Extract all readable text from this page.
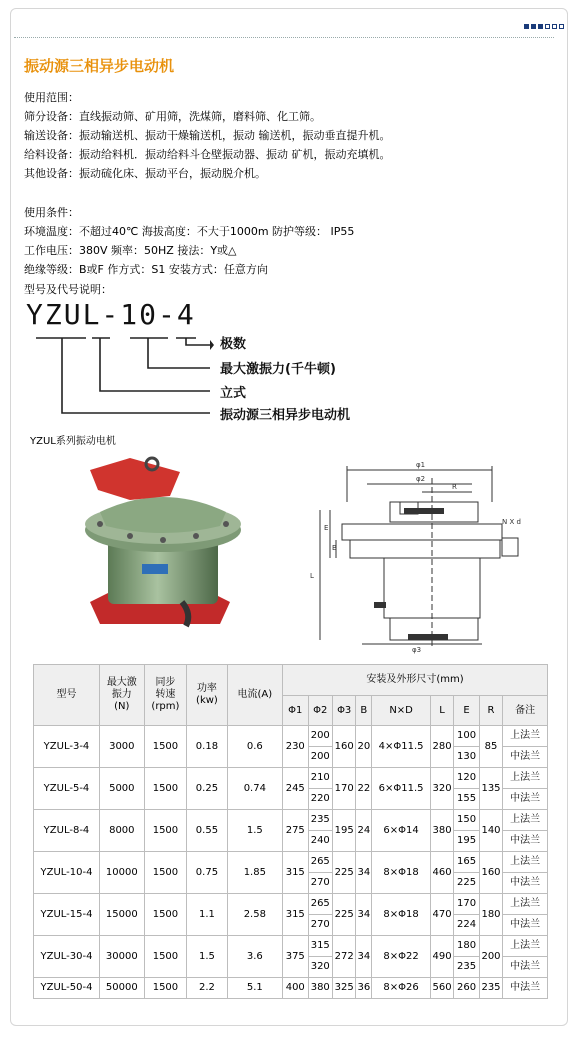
振动源三相异步电动机
使用范围：
筛分设备：直线振动筛、矿用筛，洗煤筛，磨料筛、化工筛。
输送设备：振动输送机、振动干燥输送机，振动 输送机，振动垂直提升机。
给料设备：振动给料机．振动给料斗仓壁振动器、振动 矿机，振动充填机。
其他设备：振动硫化床、振动平台，振动脱介机。
使用条件：
环境温度：不超过40℃ 海拔高度：不大于1000m 防护等级： IP55
工作电压：380V 频率：50HZ 接法：Y或△
绝缘等级：B或F 作方式：S1 安装方式：任意方向
型号及代号说明：
YZUL-10-4
极数
最大激振力(千牛顿)
立式
振动源三相异步电动机
YZUL系列振动电机
φ1
φ2
R
N X d
E
B
L
φ3
型号	最大激
振力
(N)	同步
转速
(rpm)	功率
(kw)	电流(A)	安装及外形尺寸(mm)								
					Φ1	Φ2	Φ3	B	N×D	L	E	R	备注
YZUL-3-4	3000	1500	0.18	0.6	230	200	160	20	4×Φ11.5	280	100	85	上法兰
						200					130		中法兰
YZUL-5-4	5000	1500	0.25	0.74	245	210	170	22	6×Φ11.5	320	120	135	上法兰
						220					155		中法兰
YZUL-8-4	8000	1500	0.55	1.5	275	235	195	24	6×Φ14	380	150	140	上法兰
						240					195		中法兰
YZUL-10-4	10000	1500	0.75	1.85	315	265	225	34	8×Φ18	460	165	160	上法兰
						270					225		中法兰
YZUL-15-4	15000	1500	1.1	2.58	315	265	225	34	8×Φ18	470	170	180	上法兰
						270					224		中法兰
YZUL-30-4	30000	1500	1.5	3.6	375	315	272	34	8×Φ22	490	180	200	上法兰
						320					235		中法兰
YZUL-50-4	50000	1500	2.2	5.1	400	380	325	36	8×Φ26	560	260	235	中法兰
